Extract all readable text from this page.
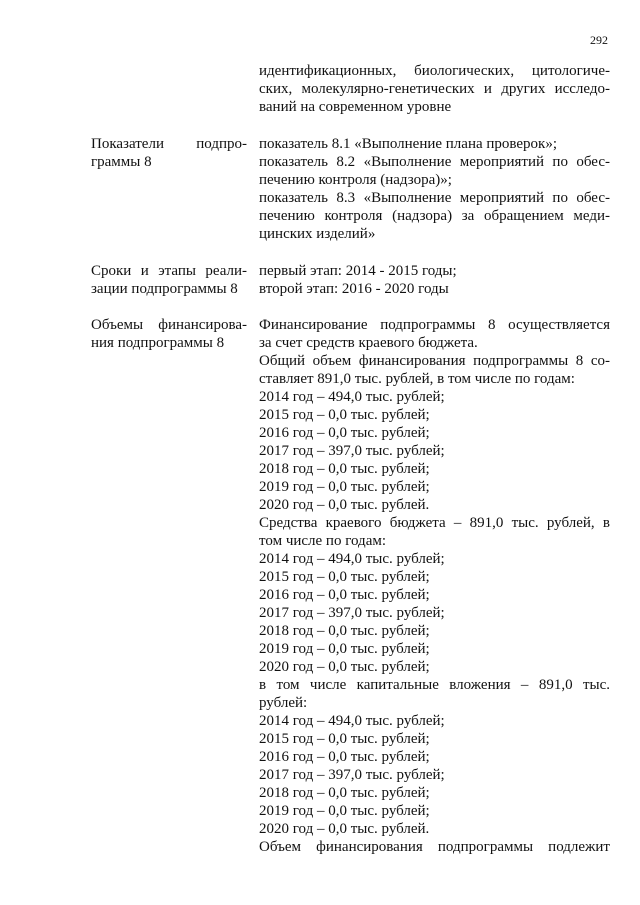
292
идентификационных, биологических, цитологиче-
ских, молекулярно-генетических и других исследо-
ваний на современном уровне
Показатели подпро-
граммы 8
показатель 8.1 «Выполнение плана проверок»;
показатель 8.2 «Выполнение мероприятий по обес-
печению контроля (надзора)»;
показатель 8.3 «Выполнение мероприятий по обес-
печению контроля (надзора) за обращением меди-
цинских изделий»
Сроки и этапы реали-
зации подпрограммы 8
первый этап: 2014 - 2015 годы;
второй этап: 2016 - 2020 годы
Объемы финансирова-
ния подпрограммы 8
Финансирование подпрограммы 8 осуществляется
за счет средств краевого бюджета.
Общий объем финансирования подпрограммы 8 со-
ставляет 891,0 тыс. рублей, в том числе по годам:
2014 год – 494,0 тыс. рублей;
2015 год – 0,0 тыс. рублей;
2016 год – 0,0 тыс. рублей;
2017 год – 397,0 тыс. рублей;
2018 год – 0,0 тыс. рублей;
2019 год – 0,0 тыс. рублей;
2020 год – 0,0 тыс. рублей.
Средства краевого бюджета – 891,0 тыс. рублей, в
том числе по годам:
2014 год – 494,0 тыс. рублей;
2015 год – 0,0 тыс. рублей;
2016 год – 0,0 тыс. рублей;
2017 год – 397,0 тыс. рублей;
2018 год – 0,0 тыс. рублей;
2019 год – 0,0 тыс. рублей;
2020 год – 0,0 тыс. рублей;
в том числе капитальные вложения – 891,0 тыс.
рублей:
2014 год – 494,0 тыс. рублей;
2015 год – 0,0 тыс. рублей;
2016 год – 0,0 тыс. рублей;
2017 год – 397,0 тыс. рублей;
2018 год – 0,0 тыс. рублей;
2019 год – 0,0 тыс. рублей;
2020 год – 0,0 тыс. рублей.
Объем финансирования подпрограммы подлежит
